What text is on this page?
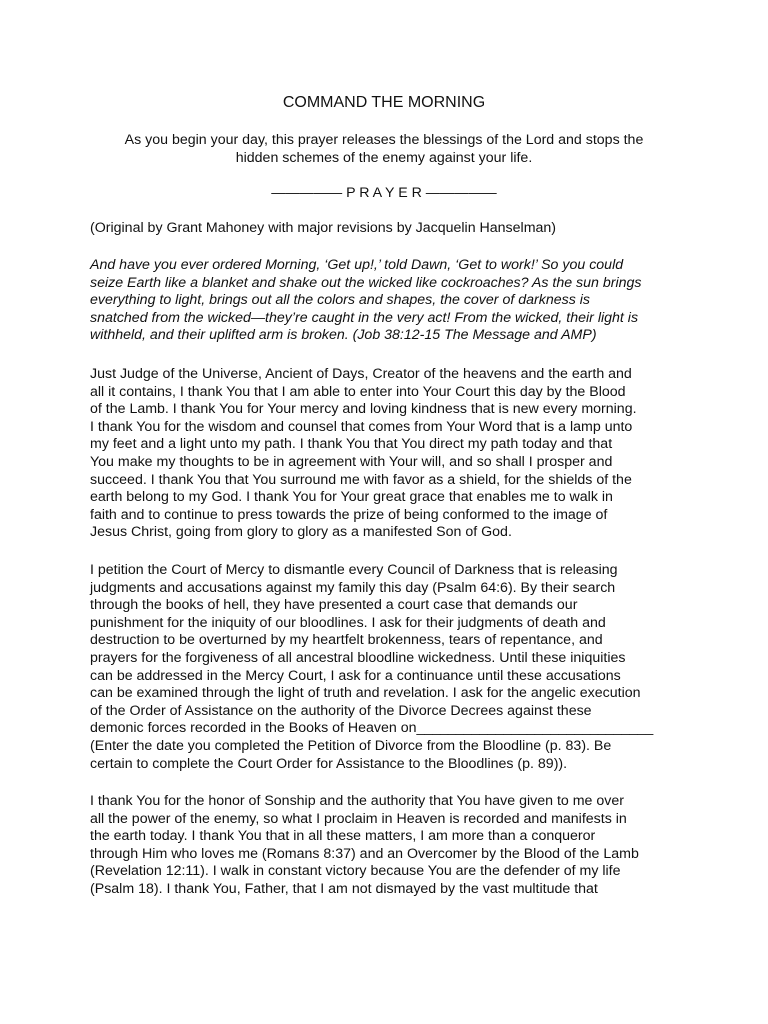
COMMAND THE MORNING
As you begin your day, this prayer releases the blessings of the Lord and stops the
hidden schemes of the enemy against your life.
————— P R A Y E R —————
(Original by Grant Mahoney with major revisions by Jacquelin Hanselman)
And have you ever ordered Morning, ‘Get up!,’ told Dawn, ‘Get to work!’ So you could
seize Earth like a blanket and shake out the wicked like cockroaches? As the sun brings
everything to light, brings out all the colors and shapes, the cover of darkness is
snatched from the wicked—they’re caught in the very act! From the wicked, their light is
withheld, and their uplifted arm is broken. (Job 38:12-15 The Message and AMP)
Just Judge of the Universe, Ancient of Days, Creator of the heavens and the earth and
all it contains, I thank You that I am able to enter into Your Court this day by the Blood
of the Lamb. I thank You for Your mercy and loving kindness that is new every morning.
I thank You for the wisdom and counsel that comes from Your Word that is a lamp unto
my feet and a light unto my path. I thank You that You direct my path today and that
You make my thoughts to be in agreement with Your will, and so shall I prosper and
succeed. I thank You that You surround me with favor as a shield, for the shields of the
earth belong to my God. I thank You for Your great grace that enables me to walk in
faith and to continue to press towards the prize of being conformed to the image of
Jesus Christ, going from glory to glory as a manifested Son of God.
I petition the Court of Mercy to dismantle every Council of Darkness that is releasing
judgments and accusations against my family this day (Psalm 64:6). By their search
through the books of hell, they have presented a court case that demands our
punishment for the iniquity of our bloodlines. I ask for their judgments of death and
destruction to be overturned by my heartfelt brokenness, tears of repentance, and
prayers for the forgiveness of all ancestral bloodline wickedness. Until these iniquities
can be addressed in the Mercy Court, I ask for a continuance until these accusations
can be examined through the light of truth and revelation. I ask for the angelic execution
of the Order of Assistance on the authority of the Divorce Decrees against these
demonic forces recorded in the Books of Heaven on______________________________
(Enter the date you completed the Petition of Divorce from the Bloodline (p. 83). Be
certain to complete the Court Order for Assistance to the Bloodlines (p. 89)).
I thank You for the honor of Sonship and the authority that You have given to me over
all the power of the enemy, so what I proclaim in Heaven is recorded and manifests in
the earth today. I thank You that in all these matters, I am more than a conqueror
through Him who loves me (Romans 8:37) and an Overcomer by the Blood of the Lamb
(Revelation 12:11). I walk in constant victory because You are the defender of my life
(Psalm 18). I thank You, Father, that I am not dismayed by the vast multitude that
